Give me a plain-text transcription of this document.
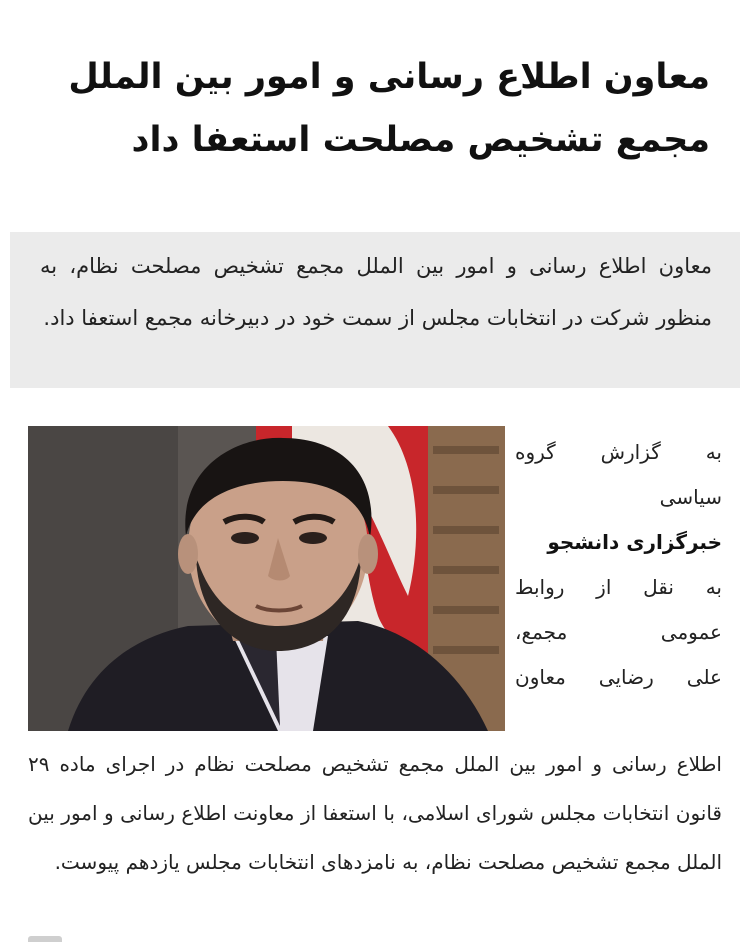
معاون اطلاع رسانی و امور بین الملل مجمع تشخیص مصلحت استعفا داد

معاون اطلاع رسانی و امور بین الملل مجمع تشخیص مصلحت نظام، به منظور شرکت در انتخابات مجلس از سمت خود در دبیرخانه مجمع استعفا داد.

به گزارش گروه
سیاسی
خبرگزاری دانشجو
به نقل از روابط
عمومی مجمع،
علی رضایی معاون
اطلاع رسانی و امور بین الملل مجمع تشخیص مصلحت نظام در اجرای ماده ۲۹ قانون انتخابات مجلس شورای اسلامی، با استعفا از معاونت اطلاع رسانی و امور بین الملل مجمع تشخیص مصلحت نظام، به نامزدهای انتخابات مجلس یازدهم پیوست.
